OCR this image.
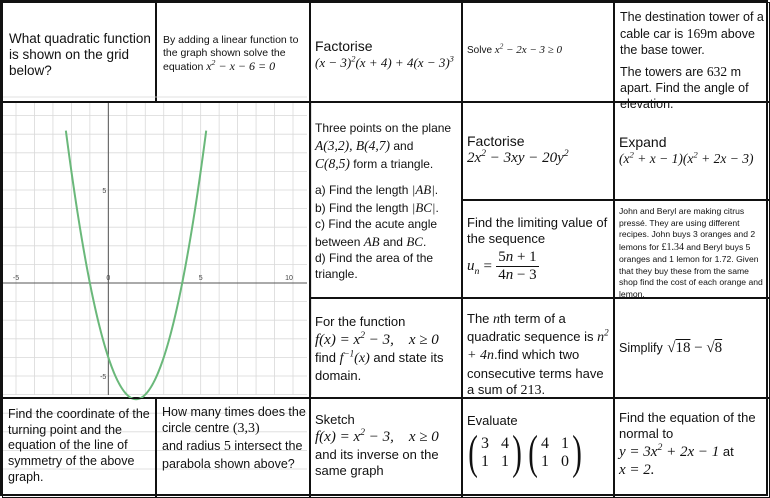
What quadratic function is shown on the grid below?
By adding a linear function to the graph shown solve the equation $x^2 - x - 6 = 0$
Factorise
$(x - 3)^2(x + 4) + 4(x - 3)^3$
Solve $x^2 - 2x - 3 \ge 0$
The destination tower of a cable car is 169m above the base tower.
The towers are 632 m apart. Find the angle of elevation.
-5	0	5	10
5
-5
Three points on the plane A(3,2), B(4,7) and
C(8,5) form a triangle.
a) Find the length |AB|.
b) Find the length |BC|.
c) Find the acute angle between AB and BC.
d) Find the area of the triangle.
Factorise
$2x^2 - 3xy - 20y^2$
Expand
$(x^2 + x - 1)(x^2 + 2x - 3)$
Find the limiting value of the sequence
$u_n = \frac{5n + 1}{4n - 3}$
John and Beryl are making citrus pressé. They are using different recipes. John buys 3 oranges and 2 lemons for £1.34 and Beryl buys 5 oranges and 1 lemon for 1.72. Given that they buy these from the same shop find the cost of each orange and lemon.
For the function
$f(x) = x^2 - 3$,    x ≥ 0
find $f^{-1}(x)$ and state its domain.
The nth term of a quadratic sequence is $n^2$ + 4n.find which two consecutive terms have a sum of 213.
Simplify √18 − √8
Find the coordinate of the turning point and the equation of the line of symmetry of the above graph.
How many times does the circle centre (3,3)
and radius 5 intersect the parabola shown above?
Sketch
$f(x) = x^2 - 3$,    x ≥ 0
and its inverse on the same graph
Evaluate
( 3 4
1 1 ) ( 4 1
1 0 )
Find the equation of the normal to
$y = 3x^2 + 2x - 1$ at
x = 2.
